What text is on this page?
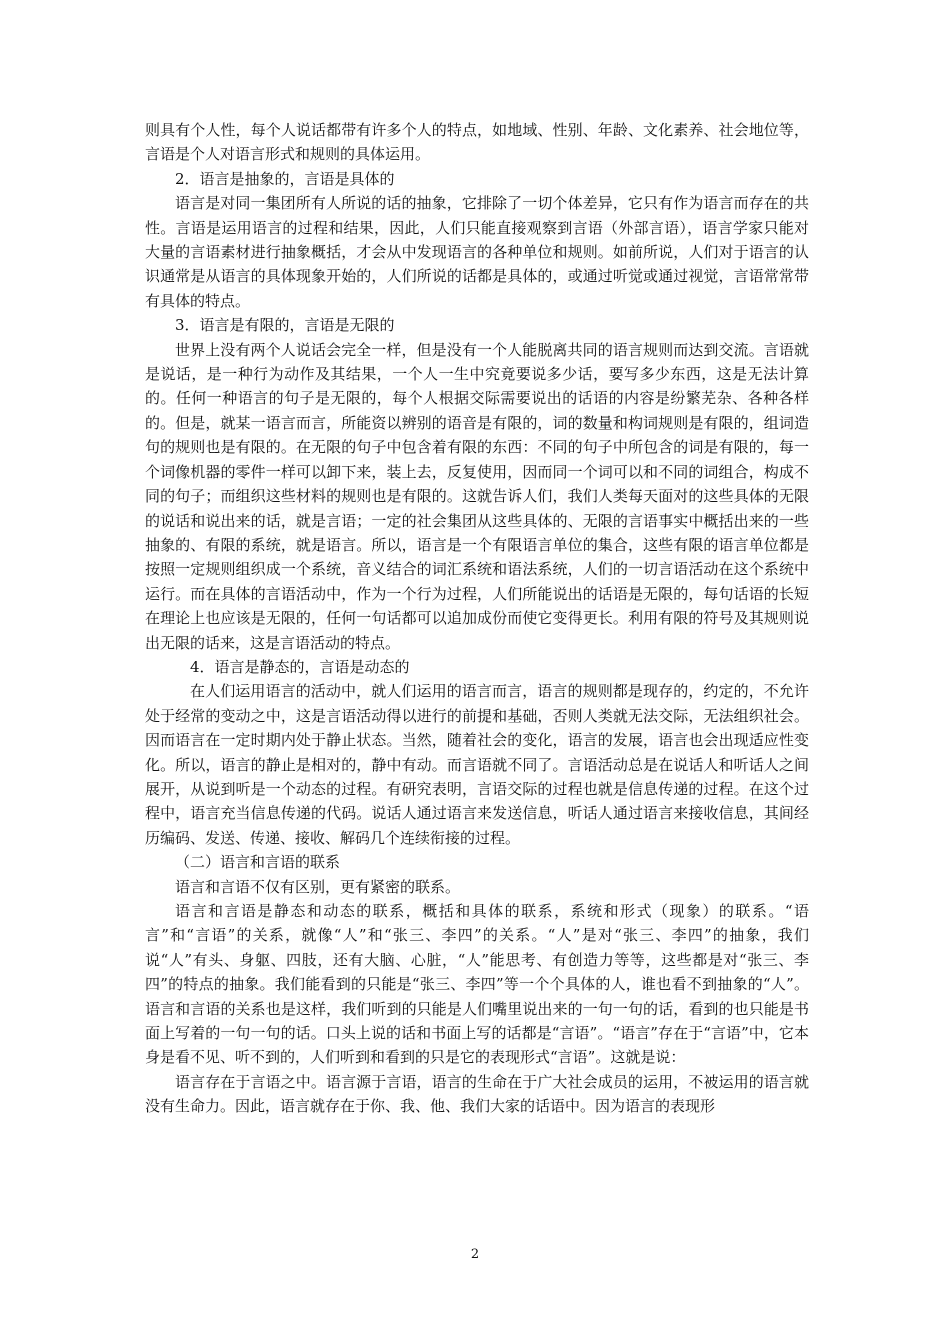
则具有个人性，每个人说话都带有许多个人的特点，如地域、性别、年龄、文化素养、社会地位等，言语是个人对语言形式和规则的具体运用。

2．语言是抽象的，言语是具体的

语言是对同一集团所有人所说的话的抽象，它排除了一切个体差异，它只有作为语言而存在的共性。言语是运用语言的过程和结果，因此，人们只能直接观察到言语（外部言语），语言学家只能对大量的言语素材进行抽象概括，才会从中发现语言的各种单位和规则。如前所说，人们对于语言的认识通常是从语言的具体现象开始的，人们所说的话都是具体的，或通过听觉或通过视觉，言语常常带有具体的特点。

3．语言是有限的，言语是无限的

世界上没有两个人说话会完全一样，但是没有一个人能脱离共同的语言规则而达到交流。言语就是说话，是一种行为动作及其结果，一个人一生中究竟要说多少话，要写多少东西，这是无法计算的。任何一种语言的句子是无限的，每个人根据交际需要说出的话语的内容是纷繁芜杂、各种各样的。但是，就某一语言而言，所能资以辨别的语音是有限的，词的数量和构词规则是有限的，组词造句的规则也是有限的。在无限的句子中包含着有限的东西：不同的句子中所包含的词是有限的，每一个词像机器的零件一样可以卸下来，装上去，反复使用，因而同一个词可以和不同的词组合，构成不同的句子；而组织这些材料的规则也是有限的。这就告诉人们，我们人类每天面对的这些具体的无限的说话和说出来的话，就是言语；一定的社会集团从这些具体的、无限的言语事实中概括出来的一些抽象的、有限的系统，就是语言。所以，语言是一个有限语言单位的集合，这些有限的语言单位都是按照一定规则组织成一个系统，音义结合的词汇系统和语法系统，人们的一切言语活动在这个系统中运行。而在具体的言语活动中，作为一个行为过程，人们所能说出的话语是无限的，每句话语的长短在理论上也应该是无限的，任何一句话都可以追加成份而使它变得更长。利用有限的符号及其规则说出无限的话来，这是言语活动的特点。

4．语言是静态的，言语是动态的

在人们运用语言的活动中，就人们运用的语言而言，语言的规则都是现存的，约定的，不允许处于经常的变动之中，这是言语活动得以进行的前提和基础，否则人类就无法交际，无法组织社会。因而语言在一定时期内处于静止状态。当然，随着社会的变化，语言的发展，语言也会出现适应性变化。所以，语言的静止是相对的，静中有动。而言语就不同了。言语活动总是在说话人和听话人之间展开，从说到听是一个动态的过程。有研究表明，言语交际的过程也就是信息传递的过程。在这个过程中，语言充当信息传递的代码。说话人通过语言来发送信息，听话人通过语言来接收信息，其间经历编码、发送、传递、接收、解码几个连续衔接的过程。

（二）语言和言语的联系

语言和言语不仅有区别，更有紧密的联系。

语言和言语是静态和动态的联系，概括和具体的联系，系统和形式（现象）的联系。“语言”和“言语”的关系，就像“人”和“张三、李四”的关系。“人”是对“张三、李四”的抽象，我们说“人”有头、身躯、四肢，还有大脑、心脏，“人”能思考、有创造力等等，这些都是对“张三、李四”的特点的抽象。我们能看到的只能是“张三、李四”等一个个具体的人，谁也看不到抽象的“人”。语言和言语的关系也是这样，我们听到的只能是人们嘴里说出来的一句一句的话，看到的也只能是书面上写着的一句一句的话。口头上说的话和书面上写的话都是“言语”。“语言”存在于“言语”中，它本身是看不见、听不到的，人们听到和看到的只是它的表现形式“言语”。这就是说：

语言存在于言语之中。语言源于言语，语言的生命在于广大社会成员的运用，不被运用的语言就没有生命力。因此，语言就存在于你、我、他、我们大家的话语中。因为语言的表现形

2
